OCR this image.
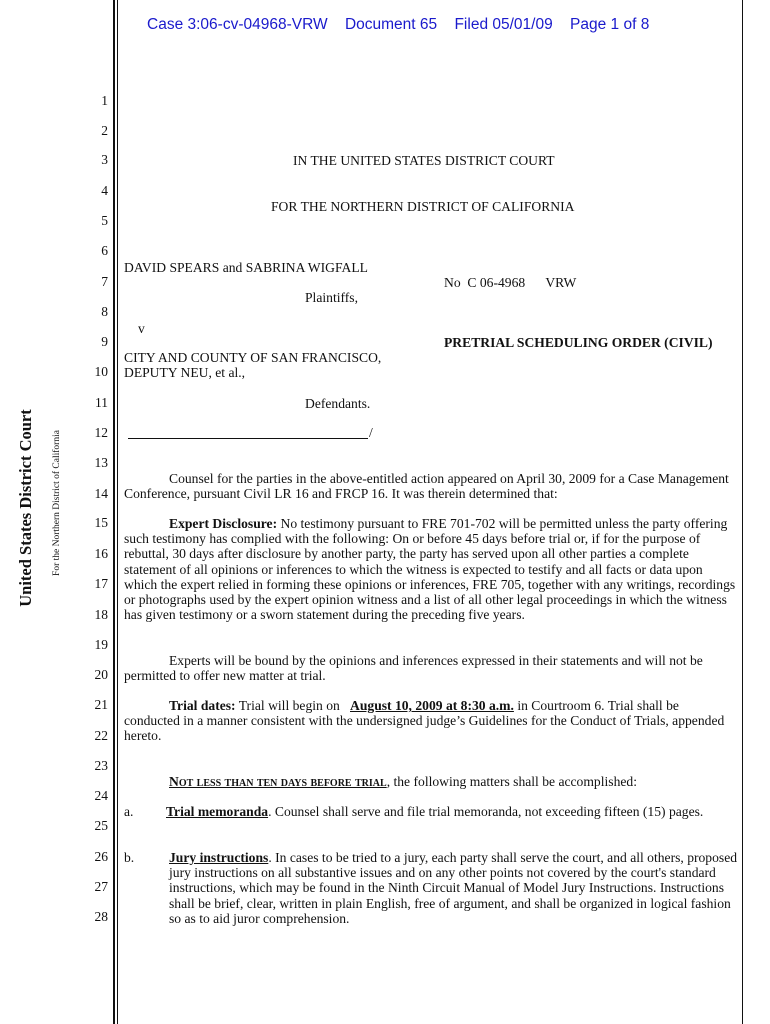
Case 3:06-cv-04968-VRW Document 65 Filed 05/01/09 Page 1 of 8
United States District Court For the Northern District of California
1
2
3
4
5
6
7
8
9
10
11
12
13
14
15
16
17
18
19
20
21
22
23
24
25
26
27
28
IN THE UNITED STATES DISTRICT COURT
FOR THE NORTHERN DISTRICT OF CALIFORNIA
DAVID SPEARS and SABRINA WIGFALL
No  C 06-4968      VRW
Plaintiffs,
v
PRETRIAL SCHEDULING ORDER (CIVIL)
CITY AND COUNTY OF SAN FRANCISCO,
DEPUTY NEU, et al.,
Defendants.
/
Counsel for the parties in the above-entitled action appeared on April 30, 2009 for a Case Management Conference, pursuant Civil LR 16 and FRCP 16. It was therein determined that:
Expert Disclosure: No testimony pursuant to FRE 701-702 will be permitted unless the party offering such testimony has complied with the following: On or before 45 days before trial or, if for the purpose of rebuttal, 30 days after disclosure by another party, the party has served upon all other parties a complete statement of all opinions or inferences to which the witness is expected to testify and all facts or data upon which the expert relied in forming these opinions or inferences, FRE 705, together with any writings, recordings or photographs used by the expert opinion witness and a list of all other legal proceedings in which the witness has given testimony or a sworn statement during the preceding five years.
Experts will be bound by the opinions and inferences expressed in their statements and will not be permitted to offer new matter at trial.
Trial dates: Trial will begin on August 10, 2009 at 8:30 a.m. in Courtroom 6. Trial shall be conducted in a manner consistent with the undersigned judge’s Guidelines for the Conduct of Trials, appended hereto.
Not less than ten days before trial, the following matters shall be accomplished:
a. Trial memoranda. Counsel shall serve and file trial memoranda, not exceeding fifteen (15) pages.
b.	Jury instructions. In cases to be tried to a jury, each party shall serve the court, and all others, proposed jury instructions on all substantive issues and on any other points not covered by the court's standard instructions, which may be found in the Ninth Circuit Manual of Model Jury Instructions. Instructions shall be brief, clear, written in plain English, free of argument, and shall be organized in logical fashion so as to aid juror comprehension.
